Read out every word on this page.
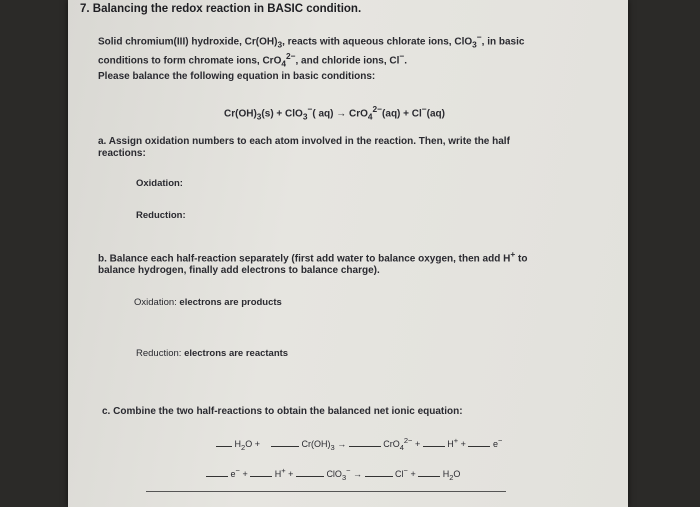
7. Balancing the redox reaction in BASIC condition.
Solid chromium(III) hydroxide, $Cr(OH)_3$, reacts with aqueous chlorate ions, ClO$_3$−, in basic
conditions to form chromate ions, CrO$_4^{2-}$, and chloride ions, Cl−.
Please balance the following equation in basic conditions:
$Cr(OH)_3(s) + ClO_3^-$( aq) → CrO$_4^{2-}$(aq) + Cl−(aq)
a. Assign oxidation numbers to each atom involved in the reaction. Then, write the half
reactions:
Oxidation:
Reduction:
b. Balance each half-reaction separately (first add water to balance oxygen, then add H+ to
balance hydrogen, finally add electrons to balance charge).
Oxidation: electrons are products
Reduction: electrons are reactants
c. Combine the two half-reactions to obtain the balanced net ionic equation:
$H_2O$ +	$Cr(OH)_3$ →	CrO$_4^{2-}$ +	H+ +	e−
e− +	H+ +	ClO$_3$− →	Cl− +	$H_2O$
